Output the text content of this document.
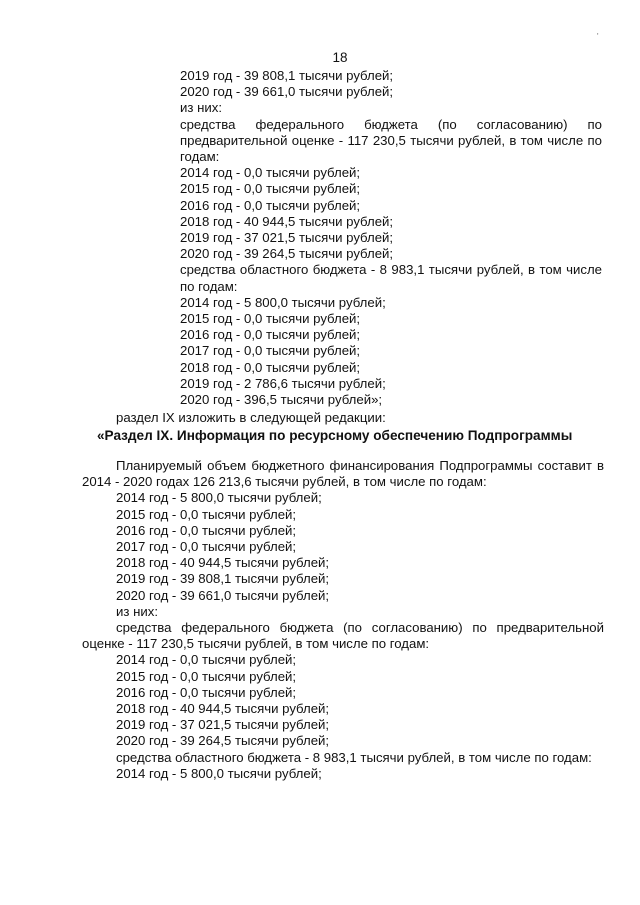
'
18
2019 год - 39 808,1 тысячи рублей;
2020 год - 39 661,0 тысячи рублей;
из них:
средства федерального бюджета (по согласованию) по предварительной оценке - 117 230,5 тысячи рублей, в том числе по годам:
2014 год - 0,0 тысячи рублей;
2015 год - 0,0 тысячи рублей;
2016 год - 0,0 тысячи рублей;
2018 год - 40 944,5 тысячи рублей;
2019 год - 37 021,5 тысячи рублей;
2020 год - 39 264,5 тысячи рублей;
средства областного бюджета - 8 983,1 тысячи рублей, в том числе по годам:
2014 год - 5 800,0 тысячи рублей;
2015 год - 0,0 тысячи рублей;
2016 год - 0,0 тысячи рублей;
2017 год - 0,0 тысячи рублей;
2018 год - 0,0 тысячи рублей;
2019 год - 2 786,6 тысячи рублей;
2020 год - 396,5 тысячи рублей»;
раздел IX изложить в следующей редакции:
«Раздел IX. Информация по ресурсному обеспечению Подпрограммы
Планируемый объем бюджетного финансирования Подпрограммы составит в 2014 - 2020 годах 126 213,6 тысячи рублей, в том числе по годам:
2014 год - 5 800,0 тысячи рублей;
2015 год - 0,0 тысячи рублей;
2016 год - 0,0 тысячи рублей;
2017 год - 0,0 тысячи рублей;
2018 год - 40 944,5 тысячи рублей;
2019 год - 39 808,1 тысячи рублей;
2020 год - 39 661,0 тысячи рублей;
из них:
средства федерального бюджета (по согласованию) по предварительной оценке - 117 230,5 тысячи рублей, в том числе по годам:
2014 год - 0,0 тысячи рублей;
2015 год - 0,0 тысячи рублей;
2016 год - 0,0 тысячи рублей;
2018 год - 40 944,5 тысячи рублей;
2019 год - 37 021,5 тысячи рублей;
2020 год - 39 264,5 тысячи рублей;
средства областного бюджета - 8 983,1 тысячи рублей, в том числе по годам:
2014 год - 5 800,0 тысячи рублей;
